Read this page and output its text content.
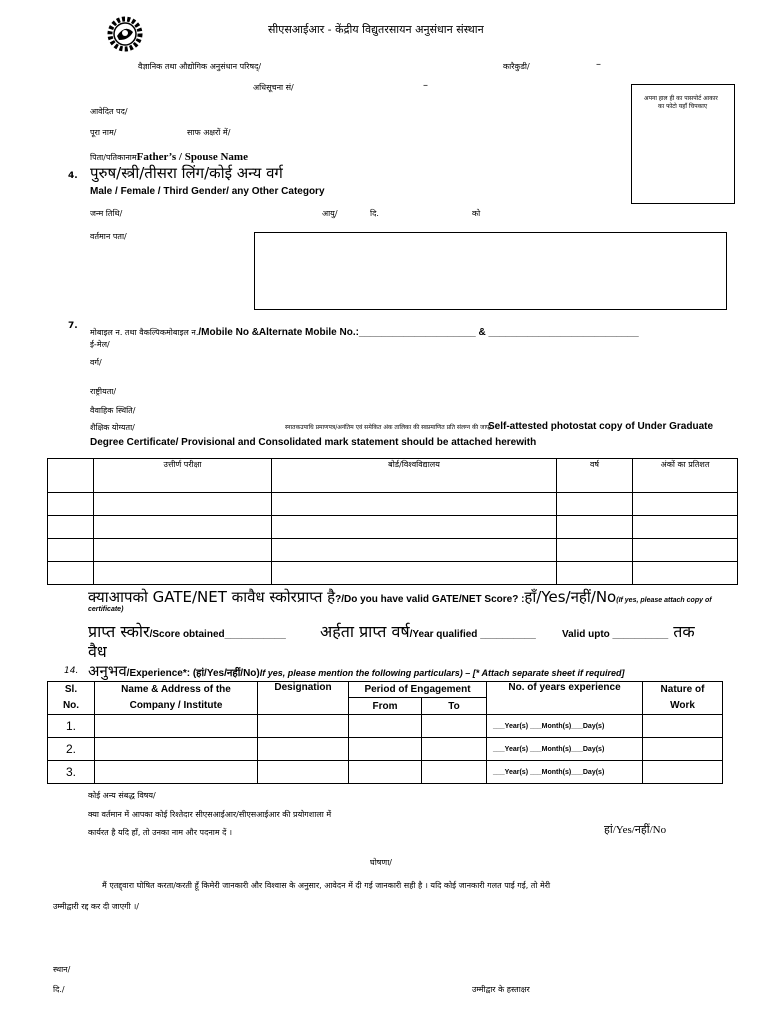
सीएसआईआर - केंद्रीय विद्युतरसायन अनुसंधान संस्थान
वैज्ञानिक तथा औद्योगिक अनुसंधान परिषद्/	कारैकुडी/	–
अधिसूचना सं/	–
अपना हाल ही का पासपोर्ट आकार
का फोटो यहाँ चिपकाए
आवेदित पद/
पूरा नाम/	साफ अक्षरों में/
पिता/पतिकानामFather’s / Spouse Name
4. पुरुष/स्त्री/तीसरा लिंग/कोई अन्य वर्ग
Male / Female / Third Gender/ any Other Category
जन्म तिथि/	आयु/	दि.	को
वर्तमान पता/
7.
मोबाइल न. तथा वैकल्पिकमोबाइल न./Mobile No &Alternate Mobile No.:_____________________ & ___________________________
ई-मेल/
वर्ग/
राष्ट्रीयता/
वैवाहिक स्थिति/
शैक्षिक योग्यता/	स्नातकउपाधि प्रमाणपत्र/अनंतिम एवं समेकित अंक तालिका की स्वप्रमाणित प्रति संलग्न की जाए/
Self-attested photostat copy of Under Graduate
Degree Certificate/ Provisional and Consolidated mark statement should be attached herewith
	उत्तीर्ण परीक्षा	बोर्ड/विश्वविद्यालय	वर्ष	अंकों का प्रतिशत

क्याआपको GATE/NET कावैध स्कोरप्राप्त है?/Do you have valid GATE/NET Score? :हाँ/Yes/नहीं/No(If yes, please attach copy of
certificate)
प्राप्त स्कोर/Score obtained___________ अर्हता प्राप्त वर्ष/Year qualified __________	Valid upto __________ तक
वैध
14. अनुभव/Experience*: (हां/Yes/नहीं/No)If yes, please mention the following particulars) – [* Attach separate sheet if required]
Sl.
No.	Name & Address of the
Company / Institute	Designation	Period of Engagement		No. of years experience	Nature of
Work
			From	To		
1.					___Year(s) ___Month(s)___Day(s)	
2.					___Year(s) ___Month(s)___Day(s)	
3.					___Year(s) ___Month(s)___Day(s)	
कोई अन्य संबद्ध विषय/
क्या वर्तमान में आपका कोई रिश्तेदार सीएसआईआर/सीएसआईआर की प्रयोगशाला में
कार्यरत है यदि हाँ, तो उनका नाम और पदनाम दें ।	हां/Yes/नहीं/No
घोषणा/
मैं एतद्द्वारा घोषित करता/करती हूँ किमेरी जानकारी और विश्वास के अनुसार, आवेदन में दी गई जानकारी सही है । यदि कोई जानकारी गलत पाई गई, तो मेरी
उम्मीद्वारी रद्द कर दी जाएगी ।/
स्थान/
दि./	उम्मीद्वार के हस्ताक्षर
